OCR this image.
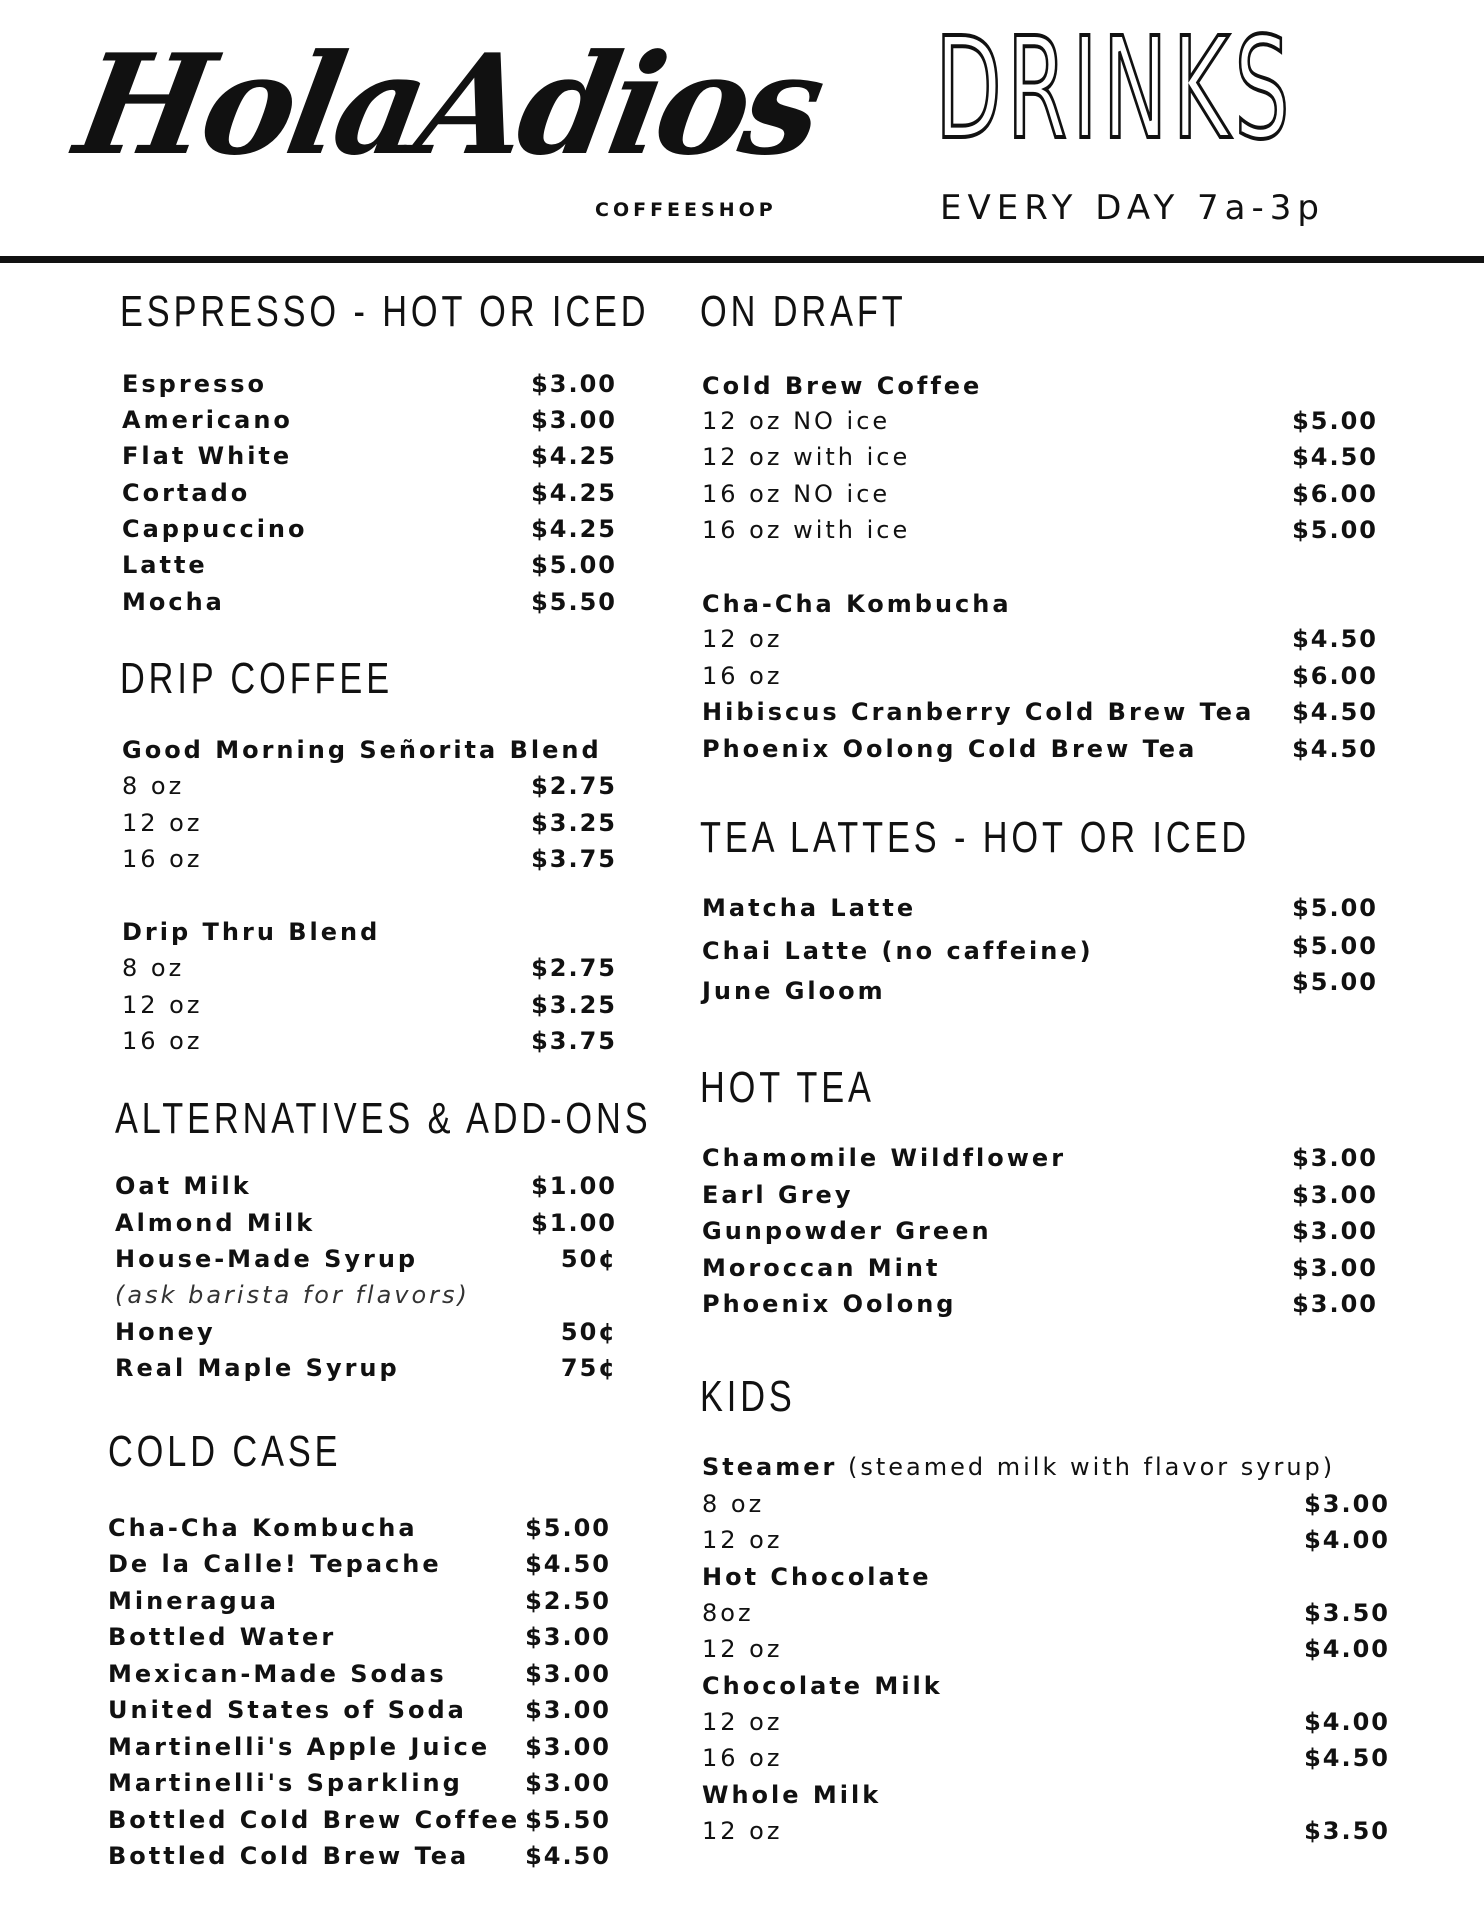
HolaAdios
COFFEESHOP
DRINKS
EVERY DAY 7a-3p
ESPRESSO - HOT OR ICED
Espresso	$3.00
Americano	$3.00
Flat White	$4.25
Cortado	$4.25
Cappuccino	$4.25
Latte	$5.00
Mocha	$5.50
DRIP COFFEE
Good Morning Señorita Blend
8 oz	$2.75
12 oz	$3.25
16 oz	$3.75
Drip Thru Blend
8 oz	$2.75
12 oz	$3.25
16 oz	$3.75
ALTERNATIVES & ADD-ONS
Oat Milk	$1.00
Almond Milk	$1.00
House-Made Syrup	50¢
(ask barista for flavors)
Honey	50¢
Real Maple Syrup	75¢
COLD CASE
Cha-Cha Kombucha	$5.00
De la Calle! Tepache	$4.50
Mineragua	$2.50
Bottled Water	$3.00
Mexican-Made Sodas	$3.00
United States of Soda $3.00
Martinelli's Apple Juice $3.00
Martinelli's Sparkling	$3.00
Bottled Cold Brew Coffee $5.50
Bottled Cold Brew Tea $4.50
ON DRAFT
Cold Brew Coffee
12 oz NO ice	$5.00
12 oz with ice	$4.50
16 oz NO ice	$6.00
16 oz with ice	$5.00
Cha-Cha Kombucha
12 oz	$4.50
16 oz	$6.00
Hibiscus Cranberry Cold Brew Tea $4.50
Phoenix Oolong Cold Brew Tea	$4.50
TEA LATTES - HOT OR ICED
Matcha Latte	$5.00
Chai Latte (no caffeine)	$5.00
June Gloom	$5.00
HOT TEA
Chamomile Wildflower	$3.00
Earl Grey	$3.00
Gunpowder Green	$3.00
Moroccan Mint	$3.00
Phoenix Oolong	$3.00
KIDS
Steamer (steamed milk with flavor syrup)
8 oz	$3.00
12 oz	$4.00
Hot Chocolate
8oz	$3.50
12 oz	$4.00
Chocolate Milk
12 oz	$4.00
16 oz	$4.50
Whole Milk
12 oz	$3.50
